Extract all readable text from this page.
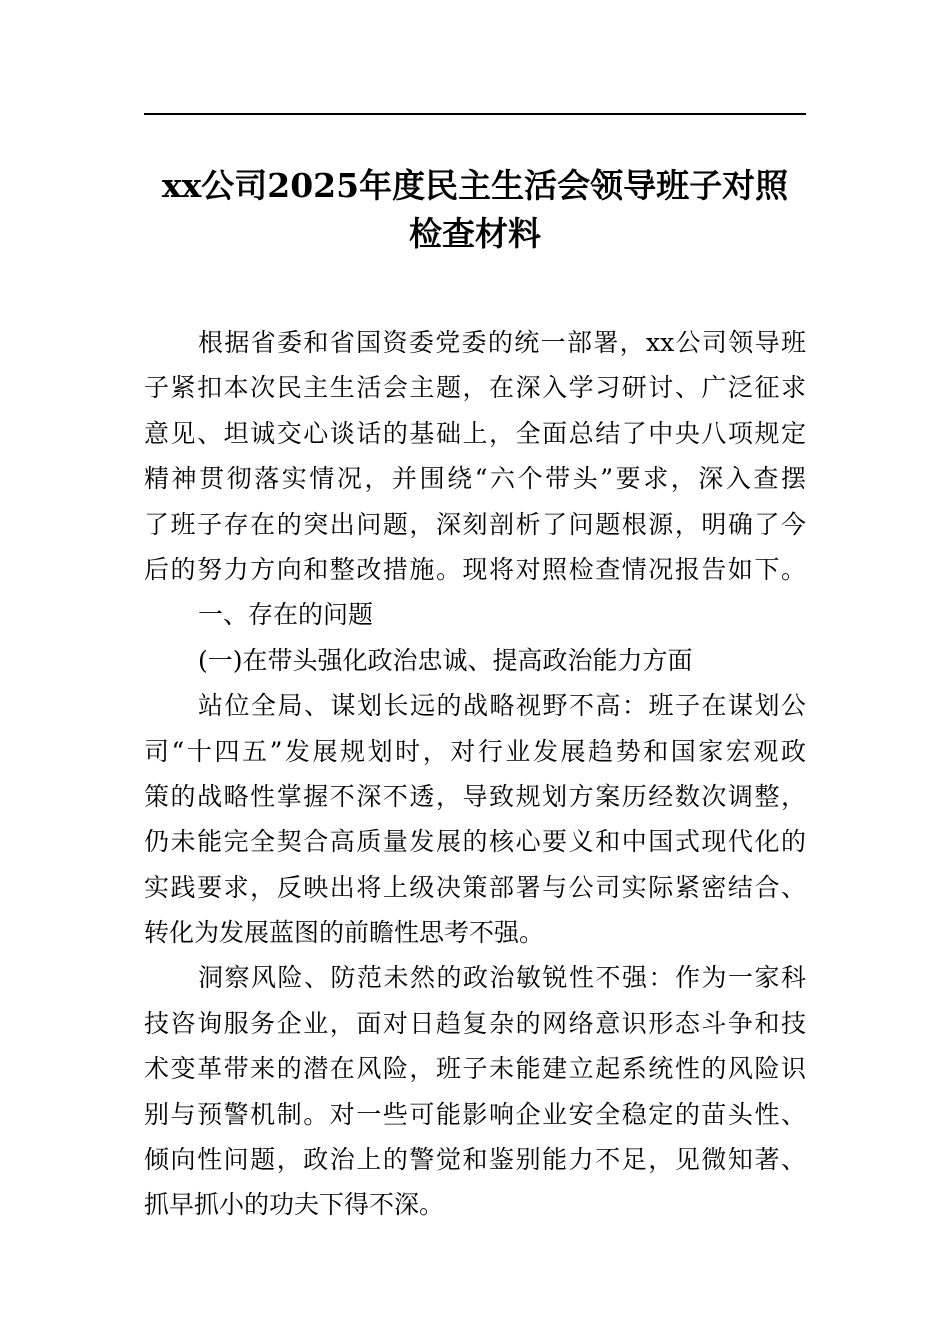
xx公司2025年度民主生活会领导班子对照
检查材料
根据省委和省国资委党委的统一部署，xx公司领导班
子紧扣本次民主生活会主题，在深入学习研讨、广泛征求
意见、坦诚交心谈话的基础上，全面总结了中央八项规定
精神贯彻落实情况，并围绕“六个带头”要求，深入查摆
了班子存在的突出问题，深刻剖析了问题根源，明确了今
后的努力方向和整改措施。现将对照检查情况报告如下。
一、存在的问题
(一)在带头强化政治忠诚、提高政治能力方面
站位全局、谋划长远的战略视野不高：班子在谋划公
司“十四五”发展规划时，对行业发展趋势和国家宏观政
策的战略性掌握不深不透，导致规划方案历经数次调整，
仍未能完全契合高质量发展的核心要义和中国式现代化的
实践要求，反映出将上级决策部署与公司实际紧密结合、
转化为发展蓝图的前瞻性思考不强。
洞察风险、防范未然的政治敏锐性不强：作为一家科
技咨询服务企业，面对日趋复杂的网络意识形态斗争和技
术变革带来的潜在风险，班子未能建立起系统性的风险识
别与预警机制。对一些可能影响企业安全稳定的苗头性、
倾向性问题，政治上的警觉和鉴别能力不足，见微知著、
抓早抓小的功夫下得不深。
